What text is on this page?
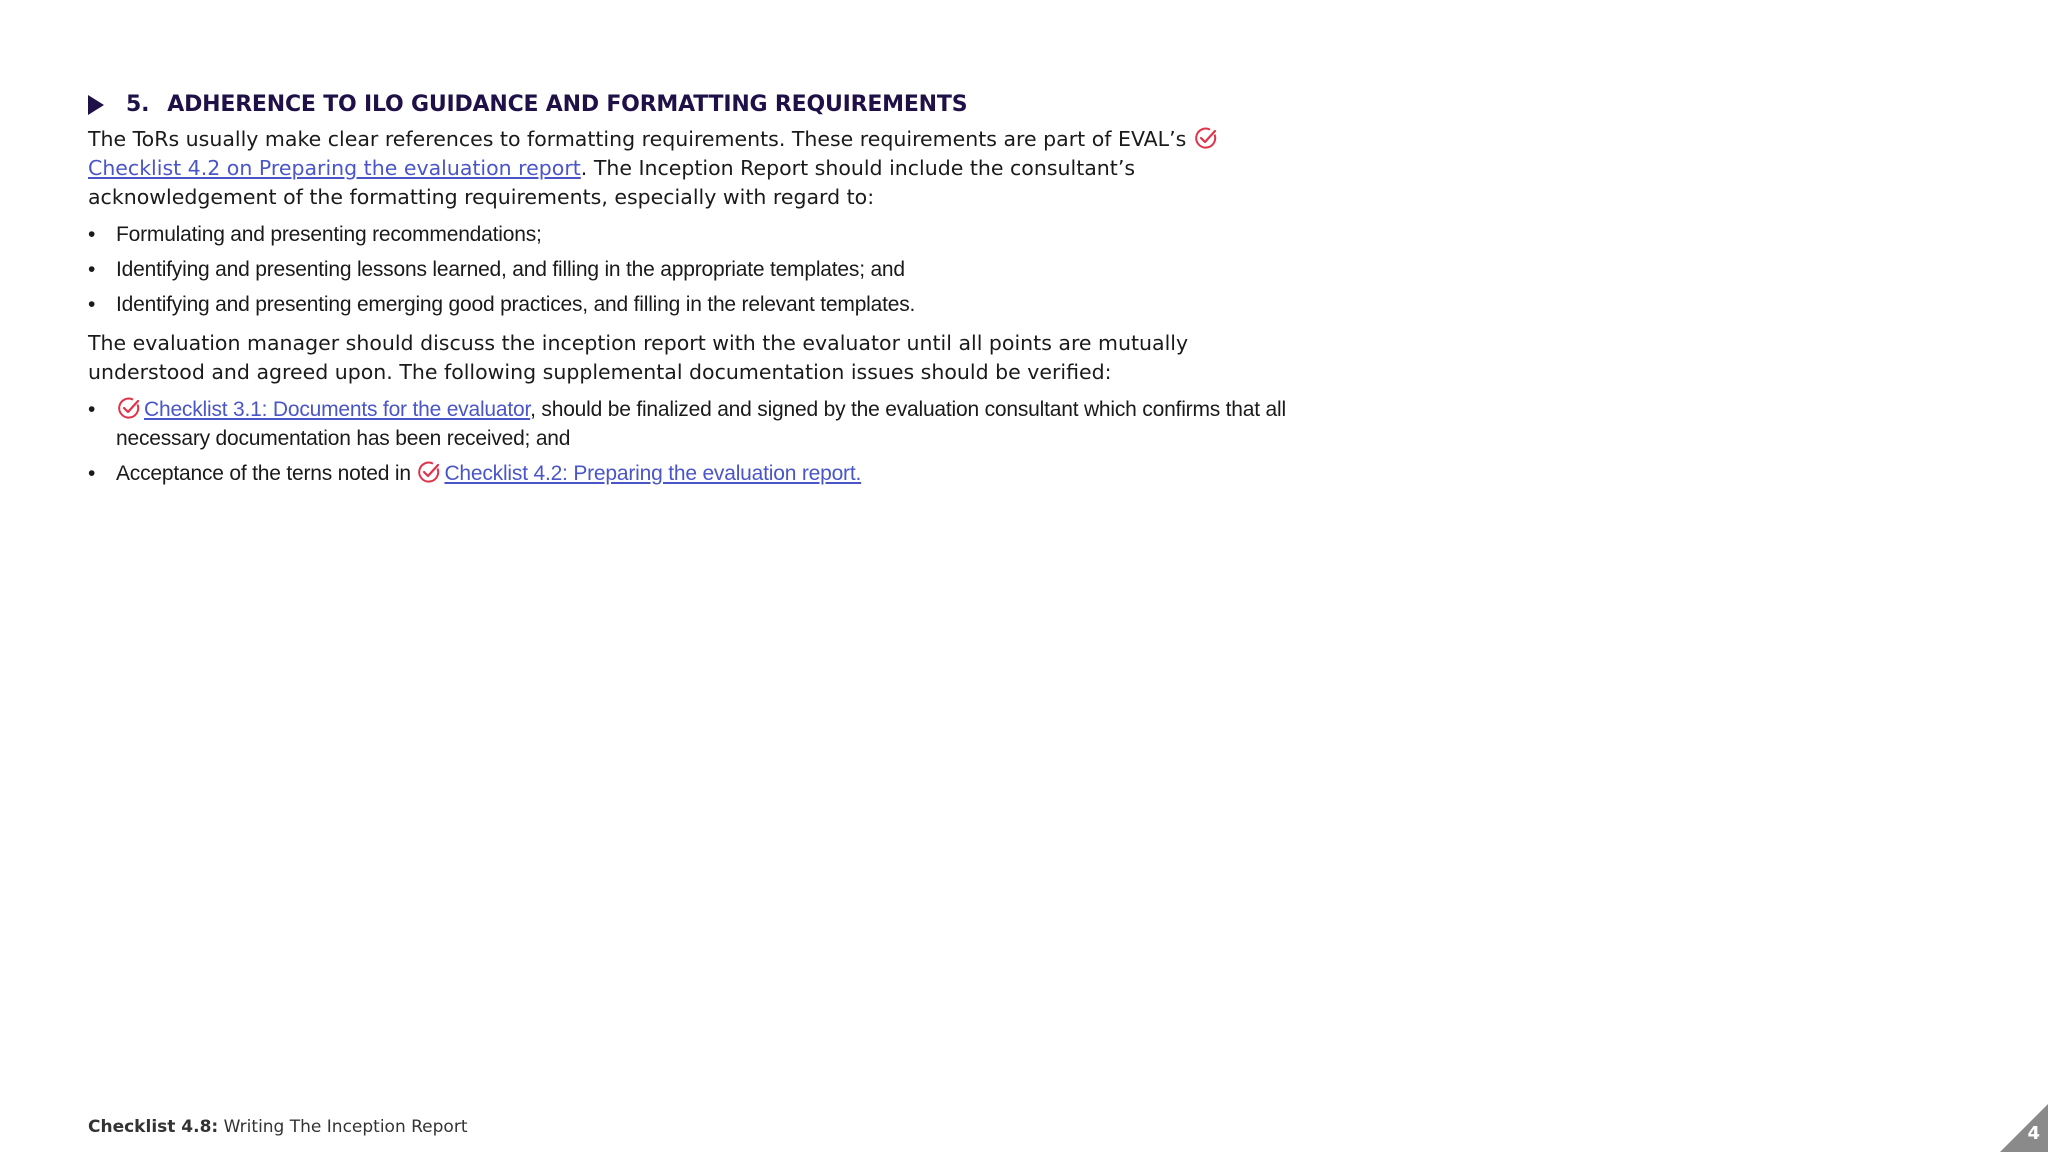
5. ADHERENCE TO ILO GUIDANCE AND FORMATTING REQUIREMENTS

The ToRs usually make clear references to formatting requirements. These requirements are part of EVAL’s Checklist 4.2 on Preparing the evaluation report. The Inception Report should include the consultant’s acknowledgement of the formatting requirements, especially with regard to:

• Formulating and presenting recommendations;
• Identifying and presenting lessons learned, and filling in the appropriate templates; and
• Identifying and presenting emerging good practices, and filling in the relevant templates.

The evaluation manager should discuss the inception report with the evaluator until all points are mutually understood and agreed upon. The following supplemental documentation issues should be verified:

• Checklist 3.1: Documents for the evaluator, should be finalized and signed by the evaluation consultant which confirms that all necessary documentation has been received; and
• Acceptance of the terns noted in Checklist 4.2: Preparing the evaluation report.
Checklist 4.8: Writing The Inception Report	4
